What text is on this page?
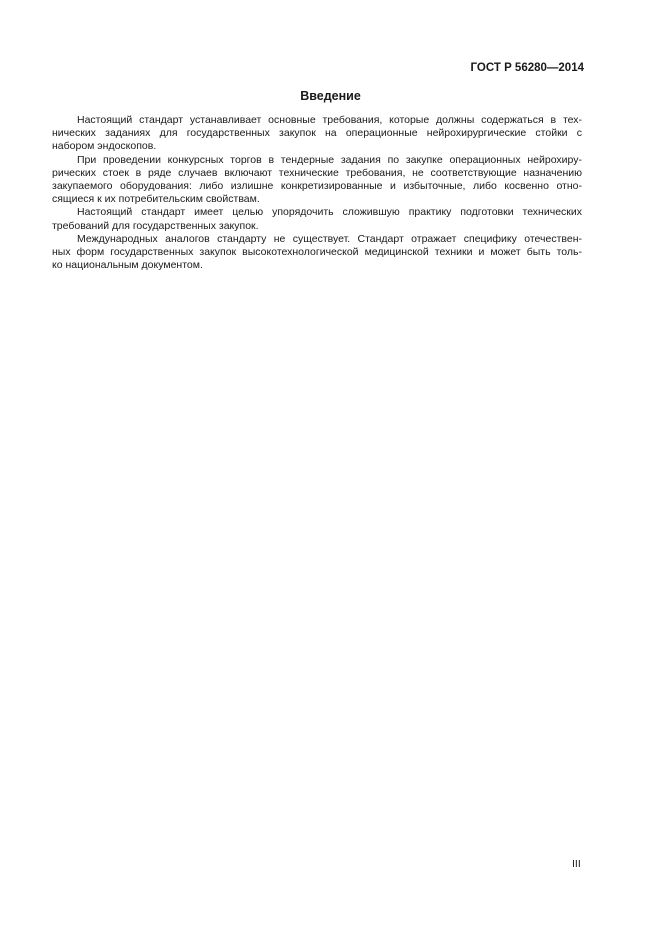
ГОСТ Р 56280—2014
Введение

Настоящий стандарт устанавливает основные требования, которые должны содержаться в тех-
нических заданиях для государственных закупок на операционные нейрохирургические стойки с
набором эндоскопов.

При проведении конкурсных торгов в тендерные задания по закупке операционных нейрохиру-
рических стоек в ряде случаев включают технические требования, не соответствующие назначению
закупаемого оборудования: либо излишне конкретизированные и избыточные, либо косвенно отно-
сящиеся к их потребительским свойствам.

Настоящий стандарт имеет целью упорядочить сложившую практику подготовки технических
требований для государственных закупок.

Международных аналогов стандарту не существует. Стандарт отражает специфику отечествен-
ных форм государственных закупок высокотехнологической медицинской техники и может быть толь-
ко национальным документом.

III
